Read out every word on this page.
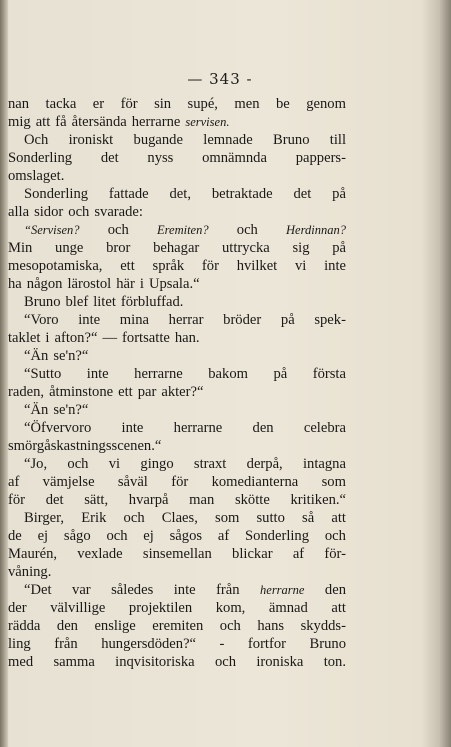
— 343 -
nan tacka er för sin supé, men be genom
mig att få återsända herrarne servisen.
Och ironiskt bugande lemnade Bruno till
Sonderling det nyss omnämnda pappers-
omslaget.
Sonderling fattade det, betraktade det på
alla sidor och svarade:
“Servisen? och Eremiten? och Herdinnan?
Min unge bror behagar uttrycka sig på
mesopotamiska, ett språk för hvilket vi inte
ha någon lärostol här i Upsala.“
Bruno blef litet förbluffad.
“Voro inte mina herrar bröder på spek-
taklet i afton?“ — fortsatte han.
“Än se'n?“
“Sutto inte herrarne bakom på första
raden, åtminstone ett par akter?“
“Än se'n?“
“Öfvervoro inte herrarne den celebra
smörgåskastningsscenen.“
“Jo, och vi gingo straxt derpå, intagna
af vämjelse såväl för komedianterna som
för det sätt, hvarpå man skötte kritiken.“
Birger, Erik och Claes, som sutto så att
de ej sågo och ej sågos af Sonderling och
Maurén, vexlade sinsemellan blickar af för-
våning.
“Det var således inte från herrarne den
der välvillige projektilen kom, ämnad att
rädda den enslige eremiten och hans skydds-
ling från hungersdöden?“ - fortfor Bruno
med samma inqvisitoriska och ironiska ton.
